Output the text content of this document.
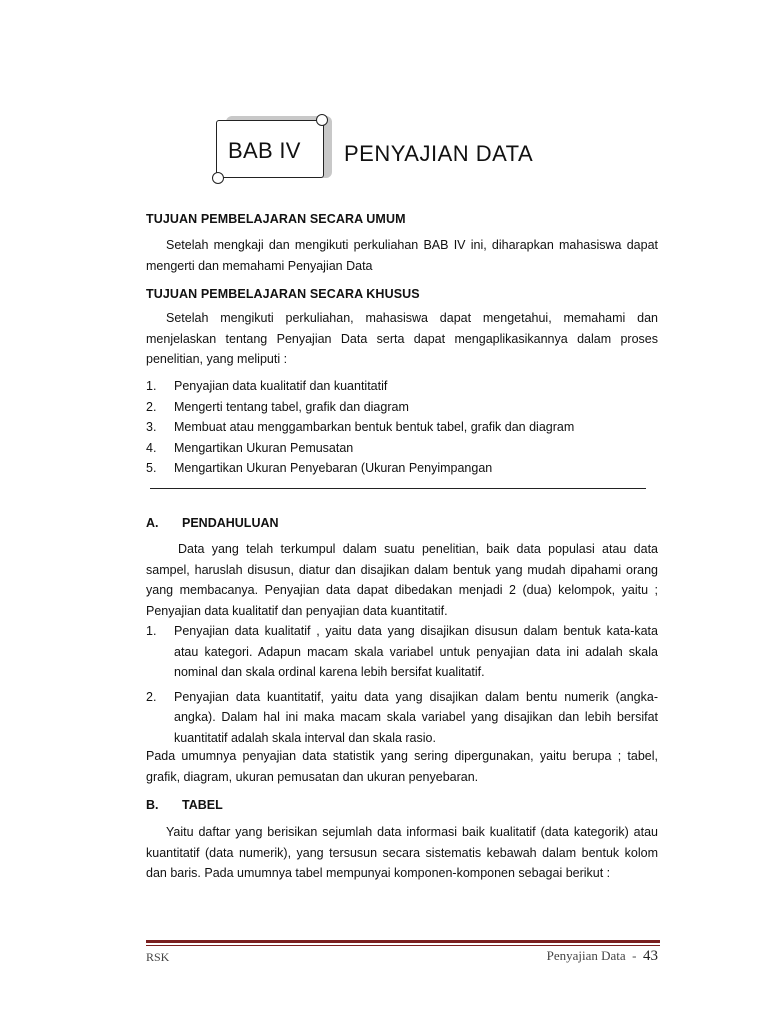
BAB IV PENYAJIAN DATA
TUJUAN PEMBELAJARAN SECARA UMUM

Setelah mengkaji dan mengikuti perkuliahan BAB IV ini, diharapkan mahasiswa dapat mengerti dan memahami Penyajian Data

TUJUAN PEMBELAJARAN SECARA KHUSUS

Setelah mengikuti perkuliahan, mahasiswa dapat mengetahui, memahami dan menjelaskan tentang Penyajian Data serta dapat mengaplikasikannya dalam proses penelitian, yang meliputi :

1. Penyajian data kualitatif dan kuantitatif
2. Mengerti tentang tabel, grafik dan diagram
3. Membuat atau menggambarkan bentuk bentuk tabel, grafik dan diagram
4. Mengartikan Ukuran Pemusatan
5. Mengartikan Ukuran Penyebaran (Ukuran Penyimpangan
A. PENDAHULUAN

Data yang telah terkumpul dalam suatu penelitian, baik data populasi atau data sampel, haruslah disusun, diatur dan disajikan dalam bentuk yang mudah dipahami orang yang membacanya. Penyajian data dapat dibedakan menjadi 2 (dua) kelompok, yaitu ; Penyajian data kualitatif dan penyajian data kuantitatif.

1. Penyajian data kualitatif , yaitu data yang disajikan disusun dalam bentuk kata-kata atau kategori. Adapun macam skala variabel untuk penyajian data ini adalah skala nominal dan skala ordinal karena lebih bersifat kualitatif.
2. Penyajian data kuantitatif, yaitu data yang disajikan dalam bentu numerik (angka-angka). Dalam hal ini maka macam skala variabel yang disajikan dan lebih bersifat kuantitatif adalah skala interval dan skala rasio.

Pada umumnya penyajian data statistik yang sering dipergunakan, yaitu berupa ; tabel, grafik, diagram, ukuran pemusatan dan ukuran penyebaran.

B. TABEL

Yaitu daftar yang berisikan sejumlah data informasi baik kualitatif (data kategorik) atau kuantitatif (data numerik), yang tersusun secara sistematis kebawah dalam bentuk kolom dan baris. Pada umumnya tabel mempunyai komponen-komponen sebagai berikut :

RSK	Penyajian Data - 43
